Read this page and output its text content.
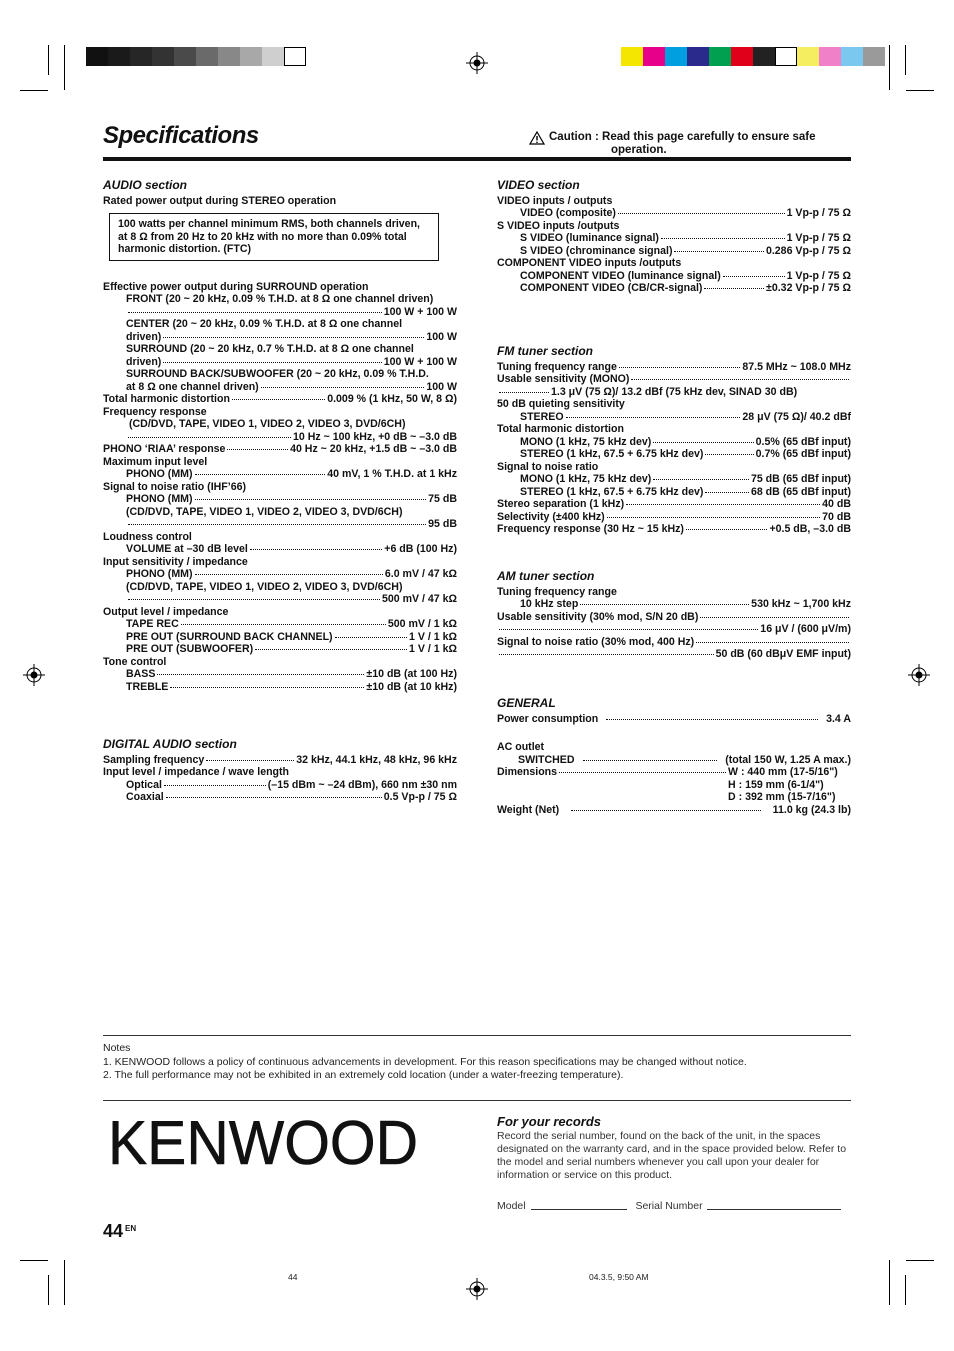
Specifications	Caution : Read this page carefully to ensure safe
operation.
AUDIO section
Rated power output during STEREO operation
100 watts per channel minimum RMS, both channels driven,
at 8 Ω from 20 Hz to 20 kHz with no more than 0.09% total
harmonic distortion. (FTC)
Effective power output during SURROUND operation
FRONT (20 ~ 20 kHz, 0.09 % T.H.D. at 8 Ω one channel driven)
100 W + 100 W
CENTER (20 ~ 20 kHz, 0.09 % T.H.D. at 8 Ω one channel
driven)	100 W
SURROUND (20 ~ 20 kHz, 0.7 % T.H.D. at 8 Ω one channel
driven)	100 W + 100 W
SURROUND BACK/SUBWOOFER (20 ~ 20 kHz, 0.09 % T.H.D.
at 8 Ω one channel driven)	100 W
Total harmonic distortion	0.009 % (1 kHz, 50 W, 8 Ω)
Frequency response
(CD/DVD, TAPE, VIDEO 1, VIDEO 2, VIDEO 3, DVD/6CH)
10 Hz ~ 100 kHz, +0 dB ~ –3.0 dB
PHONO ‘RIAA’ response	40 Hz ~ 20 kHz, +1.5 dB ~ –3.0 dB
Maximum input level
PHONO (MM)	40 mV, 1 % T.H.D. at 1 kHz
Signal to noise ratio (IHF’66)
PHONO (MM)	75 dB
(CD/DVD, TAPE, VIDEO 1, VIDEO 2, VIDEO 3, DVD/6CH)
95 dB
Loudness control
VOLUME at –30 dB level	+6 dB (100 Hz)
Input sensitivity / impedance
PHONO (MM)	6.0 mV / 47 kΩ
(CD/DVD, TAPE, VIDEO 1, VIDEO 2, VIDEO 3, DVD/6CH)
500 mV / 47 kΩ
Output level / impedance
TAPE REC	500 mV / 1 kΩ
PRE OUT (SURROUND BACK CHANNEL)	1 V / 1 kΩ
PRE OUT (SUBWOOFER)	1 V / 1 kΩ
Tone control
BASS	±10 dB (at 100 Hz)
TREBLE	±10 dB (at 10 kHz)
DIGITAL AUDIO section
Sampling frequency	32 kHz, 44.1 kHz, 48 kHz, 96 kHz
Input level / impedance / wave length
Optical	(–15 dBm ~ –24 dBm), 660 nm ±30 nm
Coaxial	0.5 Vp-p / 75 Ω
VIDEO section
VIDEO inputs / outputs
VIDEO (composite)	1 Vp-p / 75 Ω
S VIDEO inputs /outputs
S VIDEO (luminance signal)	1 Vp-p / 75 Ω
S VIDEO (chrominance signal)	0.286 Vp-p / 75 Ω
COMPONENT VIDEO inputs /outputs
COMPONENT VIDEO (luminance signal)	1 Vp-p / 75 Ω
COMPONENT VIDEO (CB/CR-signal)	±0.32 Vp-p / 75 Ω
FM tuner section
Tuning frequency range	87.5 MHz ~ 108.0 MHz
Usable sensitivity (MONO)
1.3 μV (75 Ω)/ 13.2 dBf (75 kHz dev, SINAD 30 dB)
50 dB quieting sensitivity
STEREO	28 μV (75 Ω)/ 40.2 dBf
Total harmonic distortion
MONO (1 kHz, 75 kHz dev)	0.5% (65 dBf input)
STEREO (1 kHz, 67.5 + 6.75 kHz dev)	0.7% (65 dBf input)
Signal to noise ratio
MONO (1 kHz, 75 kHz dev)	75 dB (65 dBf input)
STEREO (1 kHz, 67.5 + 6.75 kHz dev)	68 dB (65 dBf input)
Stereo separation (1 kHz)	40 dB
Selectivity (±400 kHz)	70 dB
Frequency response (30 Hz ~ 15 kHz)	+0.5 dB, –3.0 dB
AM tuner section
Tuning frequency range
10 kHz step	530 kHz ~ 1,700 kHz
Usable sensitivity (30% mod, S/N 20 dB)
16 μV / (600 μV/m)
Signal to noise ratio (30% mod, 400 Hz)
50 dB (60 dBμV EMF input)
GENERAL
Power consumption	3.4 A
AC outlet
SWITCHED	(total 150 W, 1.25 A max.)
Dimensions	W : 440 mm (17-5/16")
H : 159 mm (6-1/4")
D : 392 mm (15-7/16")
Weight (Net)	11.0 kg (24.3 lb)
Notes
1. KENWOOD follows a policy of continuous advancements in development. For this reason specifications may be changed without notice.
2. The full performance may not be exhibited in an extremely cold location (under a water-freezing temperature).
KENWOOD	For your records
Record the serial number, found on the back of the unit, in the spaces designated on the warranty card, and in the space provided below. Refer to the model and serial numbers whenever you call upon your dealer for information or service on this product.
Model	Serial Number
44 $^{EN}$
44	04.3.5, 9:50 AM
